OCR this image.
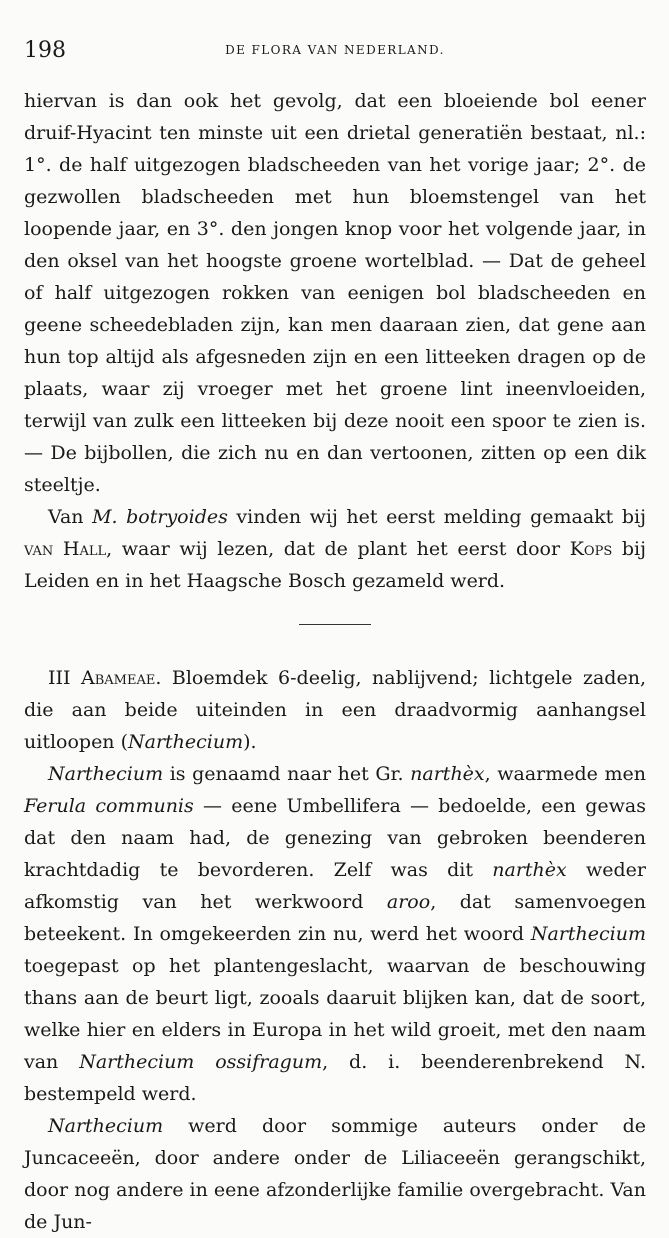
198	DE FLORA VAN NEDERLAND.

hiervan is dan ook het gevolg, dat een bloeiende bol eener druif-Hyacint ten minste uit een drietal generatiën bestaat, nl.: 1°. de half uitgezogen bladscheeden van het vorige jaar; 2°. de gezwollen bladscheeden met hun bloemstengel van het loopende jaar, en 3°. den jongen knop voor het volgende jaar, in den oksel van het hoogste groene wortelblad. — Dat de geheel of half uitgezogen rokken van eenigen bol bladscheeden en geene scheedebladen zijn, kan men daaraan zien, dat gene aan hun top altijd als afgesneden zijn en een litteeken dragen op de plaats, waar zij vroeger met het groene lint ineenvloeiden, terwijl van zulk een litteeken bij deze nooit een spoor te zien is. — De bijbollen, die zich nu en dan vertoonen, zitten op een dik steeltje.

Van M. botryoides vinden wij het eerst melding gemaakt bij van Hall, waar wij lezen, dat de plant het eerst door Kops bij Leiden en in het Haagsche Bosch gezameld werd.

III Abameae. Bloemdek 6-deelig, nablijvend; lichtgele zaden, die aan beide uiteinden in een draadvormig aanhangsel uitloopen (Narthecium).

Narthecium is genaamd naar het Gr. narthèx, waarmede men Ferula communis — eene Umbellifera — bedoelde, een gewas dat den naam had, de genezing van gebroken beenderen krachtdadig te bevorderen. Zelf was dit narthèx weder afkomstig van het werkwoord aroo, dat samenvoegen beteekent. In omgekeerden zin nu, werd het woord Narthecium toegepast op het plantengeslacht, waarvan de beschouwing thans aan de beurt ligt, zooals daaruit blijken kan, dat de soort, welke hier en elders in Europa in het wild groeit, met den naam van Narthecium ossifragum, d. i. beenderenbrekend N. bestempeld werd.

Narthecium werd door sommige auteurs onder de Juncaceeën, door andere onder de Liliaceeën gerangschikt, door nog andere in eene afzonderlijke familie overgebracht. Van de Jun-
